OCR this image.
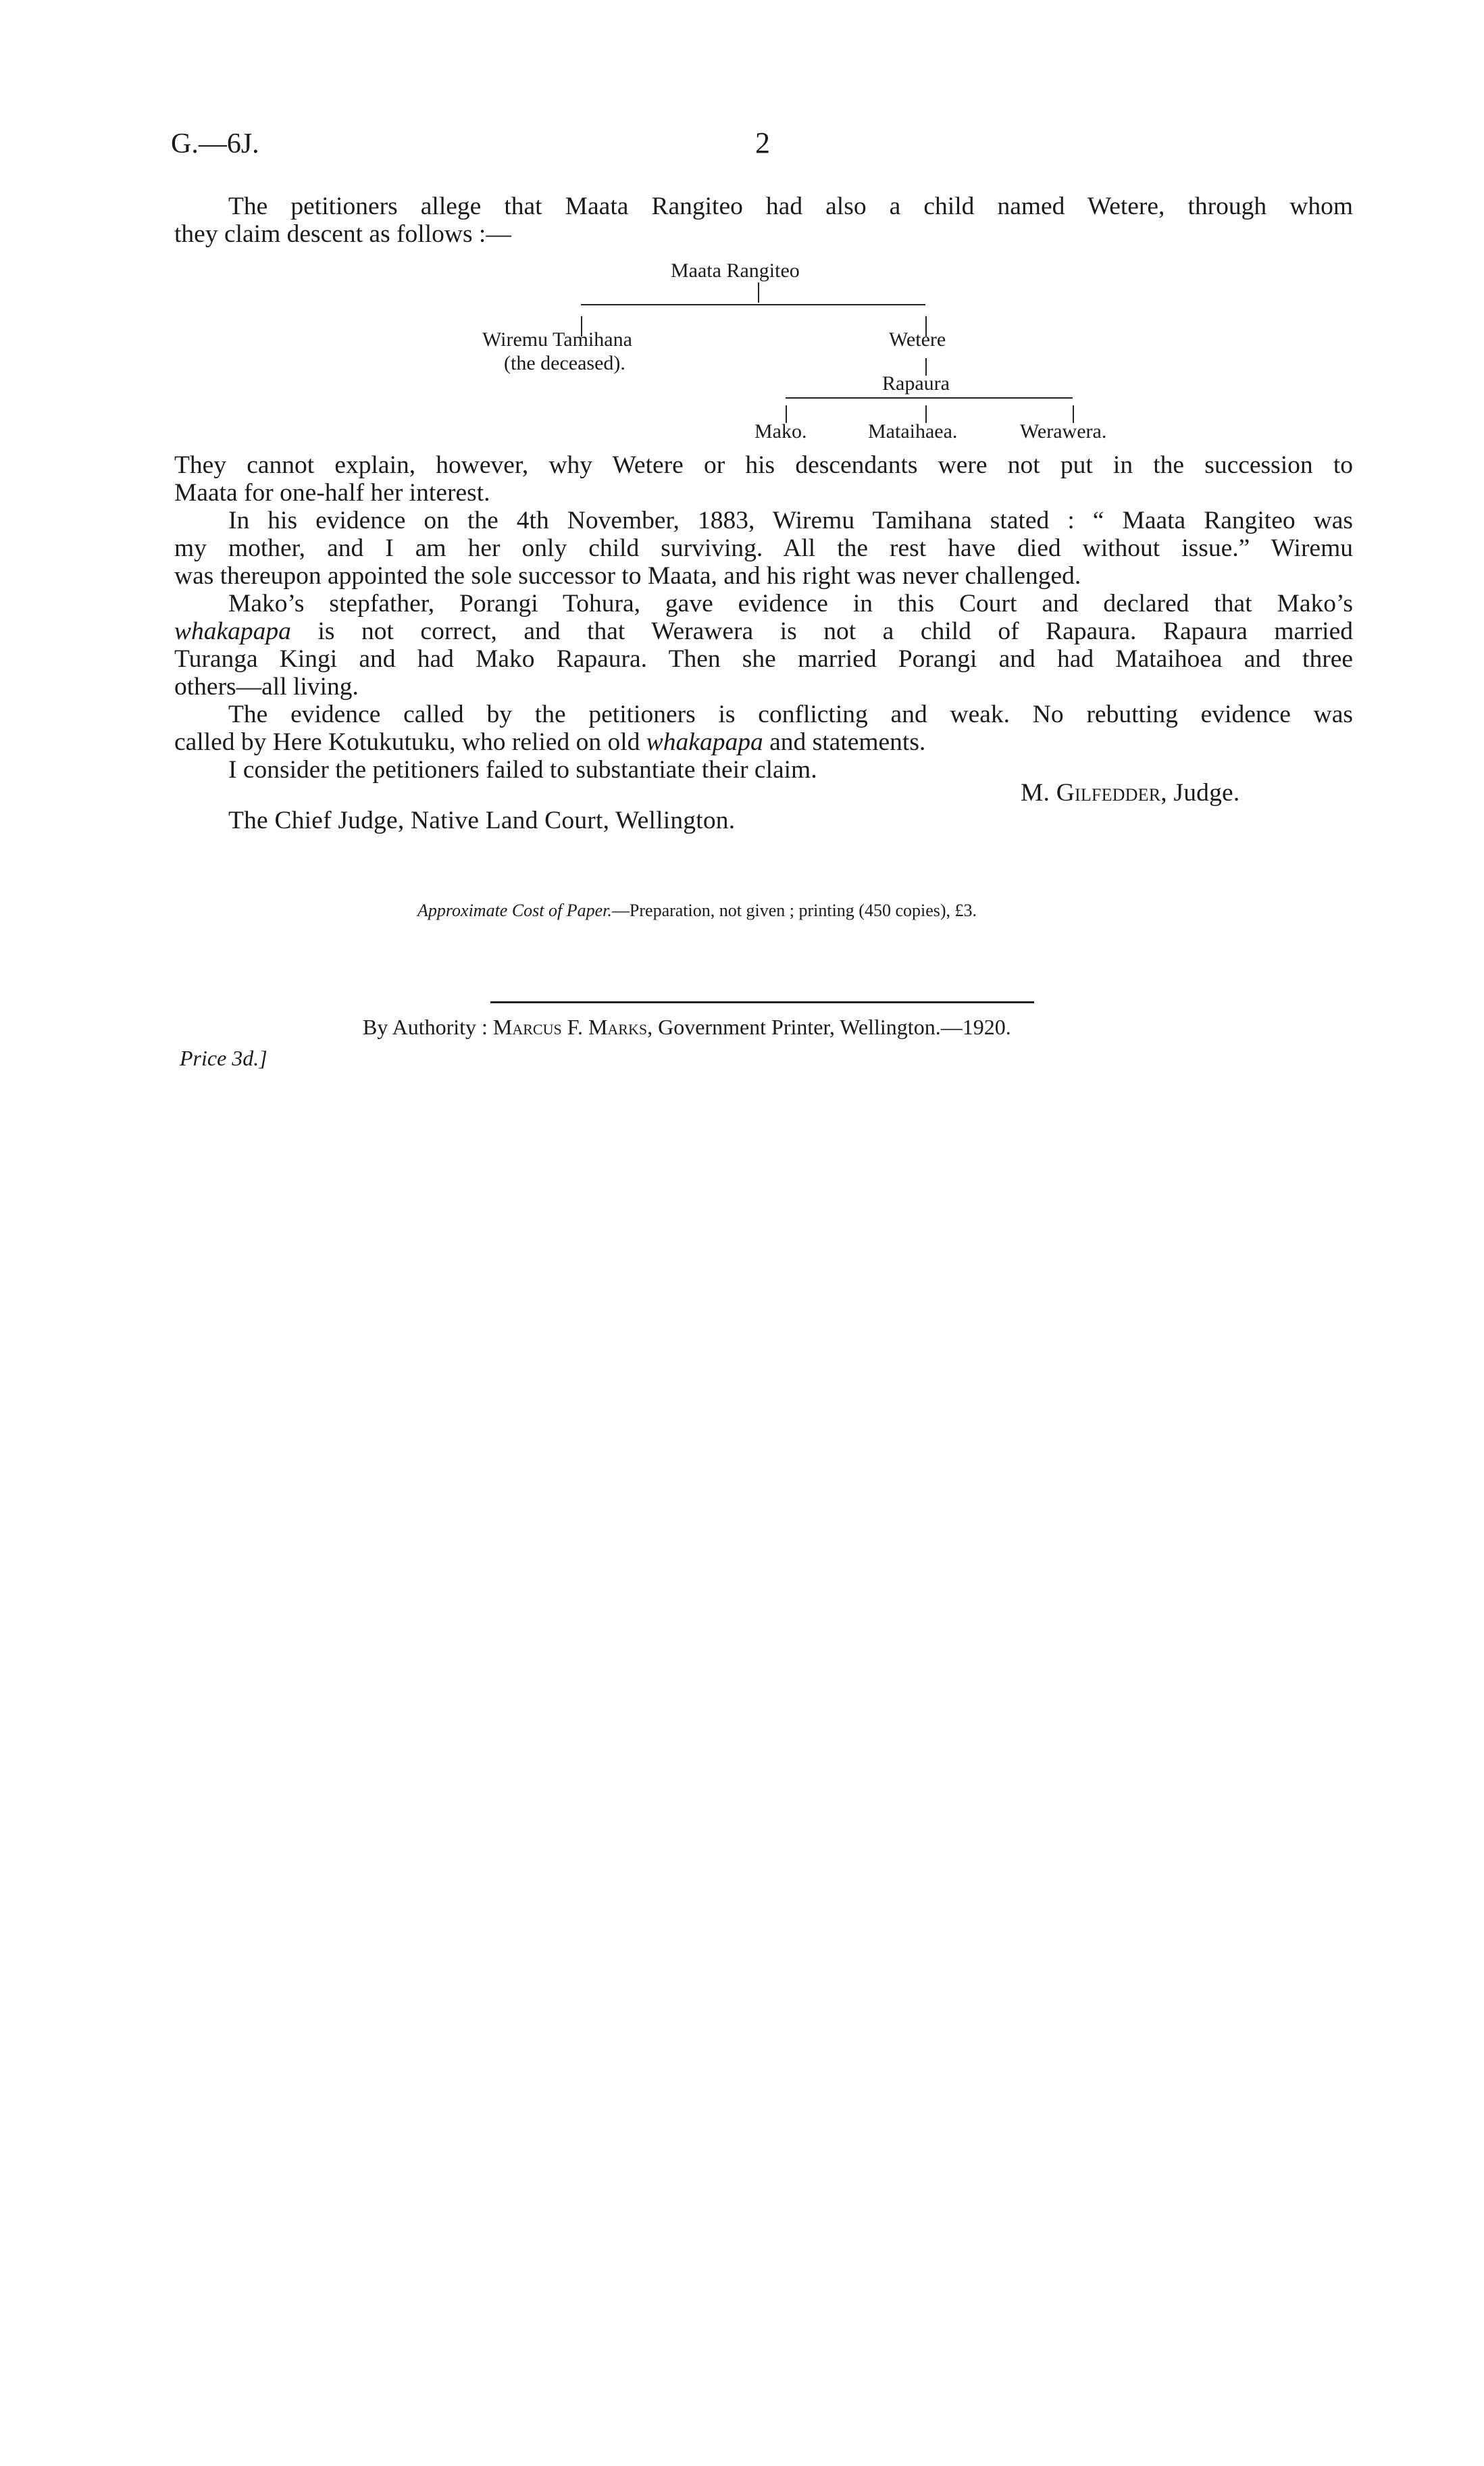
G.—6J.	2
The petitioners allege that Maata Rangiteo had also a child named Wetere, through whom
they claim descent as follows :—
Maata Rangiteo
Wiremu Tamihana
(the deceased).
Wetere
Rapaura
Mako.	Mataihaea.	Werawera.
They cannot explain, however, why Wetere or his descendants were not put in the succession to
Maata for one-half her interest.
In his evidence on the 4th November, 1883, Wiremu Tamihana stated : “ Maata Rangiteo was
my mother, and I am her only child surviving. All the rest have died without issue.” Wiremu
was thereupon appointed the sole successor to Maata, and his right was never challenged.
Mako’s stepfather, Porangi Tohura, gave evidence in this Court and declared that Mako’s
whakapapa is not correct, and that Werawera is not a child of Rapaura. Rapaura married
Turanga Kingi and had Mako Rapaura. Then she married Porangi and had Mataihoea and three
others—all living.
The evidence called by the petitioners is conflicting and weak. No rebutting evidence was
called by Here Kotukutuku, who relied on old whakapapa and statements.
I consider the petitioners failed to substantiate their claim.
M. Gilfedder, Judge.
The Chief Judge, Native Land Court, Wellington.
Approximate Cost of Paper.—Preparation, not given ; printing (450 copies), £3.
By Authority : Marcus F. Marks, Government Printer, Wellington.—1920.
Price 3d.]
